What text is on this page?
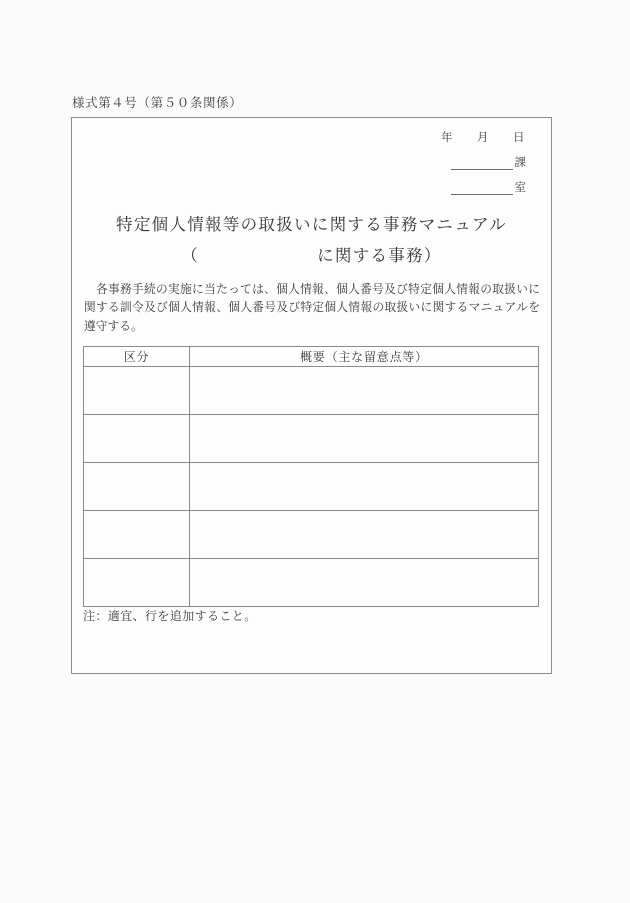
様式第４号（第５０条関係）
年 月 日
課
室
特定個人情報等の取扱いに関する事務マニュアル
（	に関する事務）
各事務手続の実施に当たっては、個人情報、個人番号及び特定個人情報の取扱いに関する訓令及び個人情報、個人番号及び特定個人情報の取扱いに関するマニュアルを遵守する。
区分	概要（主な留意点等）

注：適宜、行を追加すること。
